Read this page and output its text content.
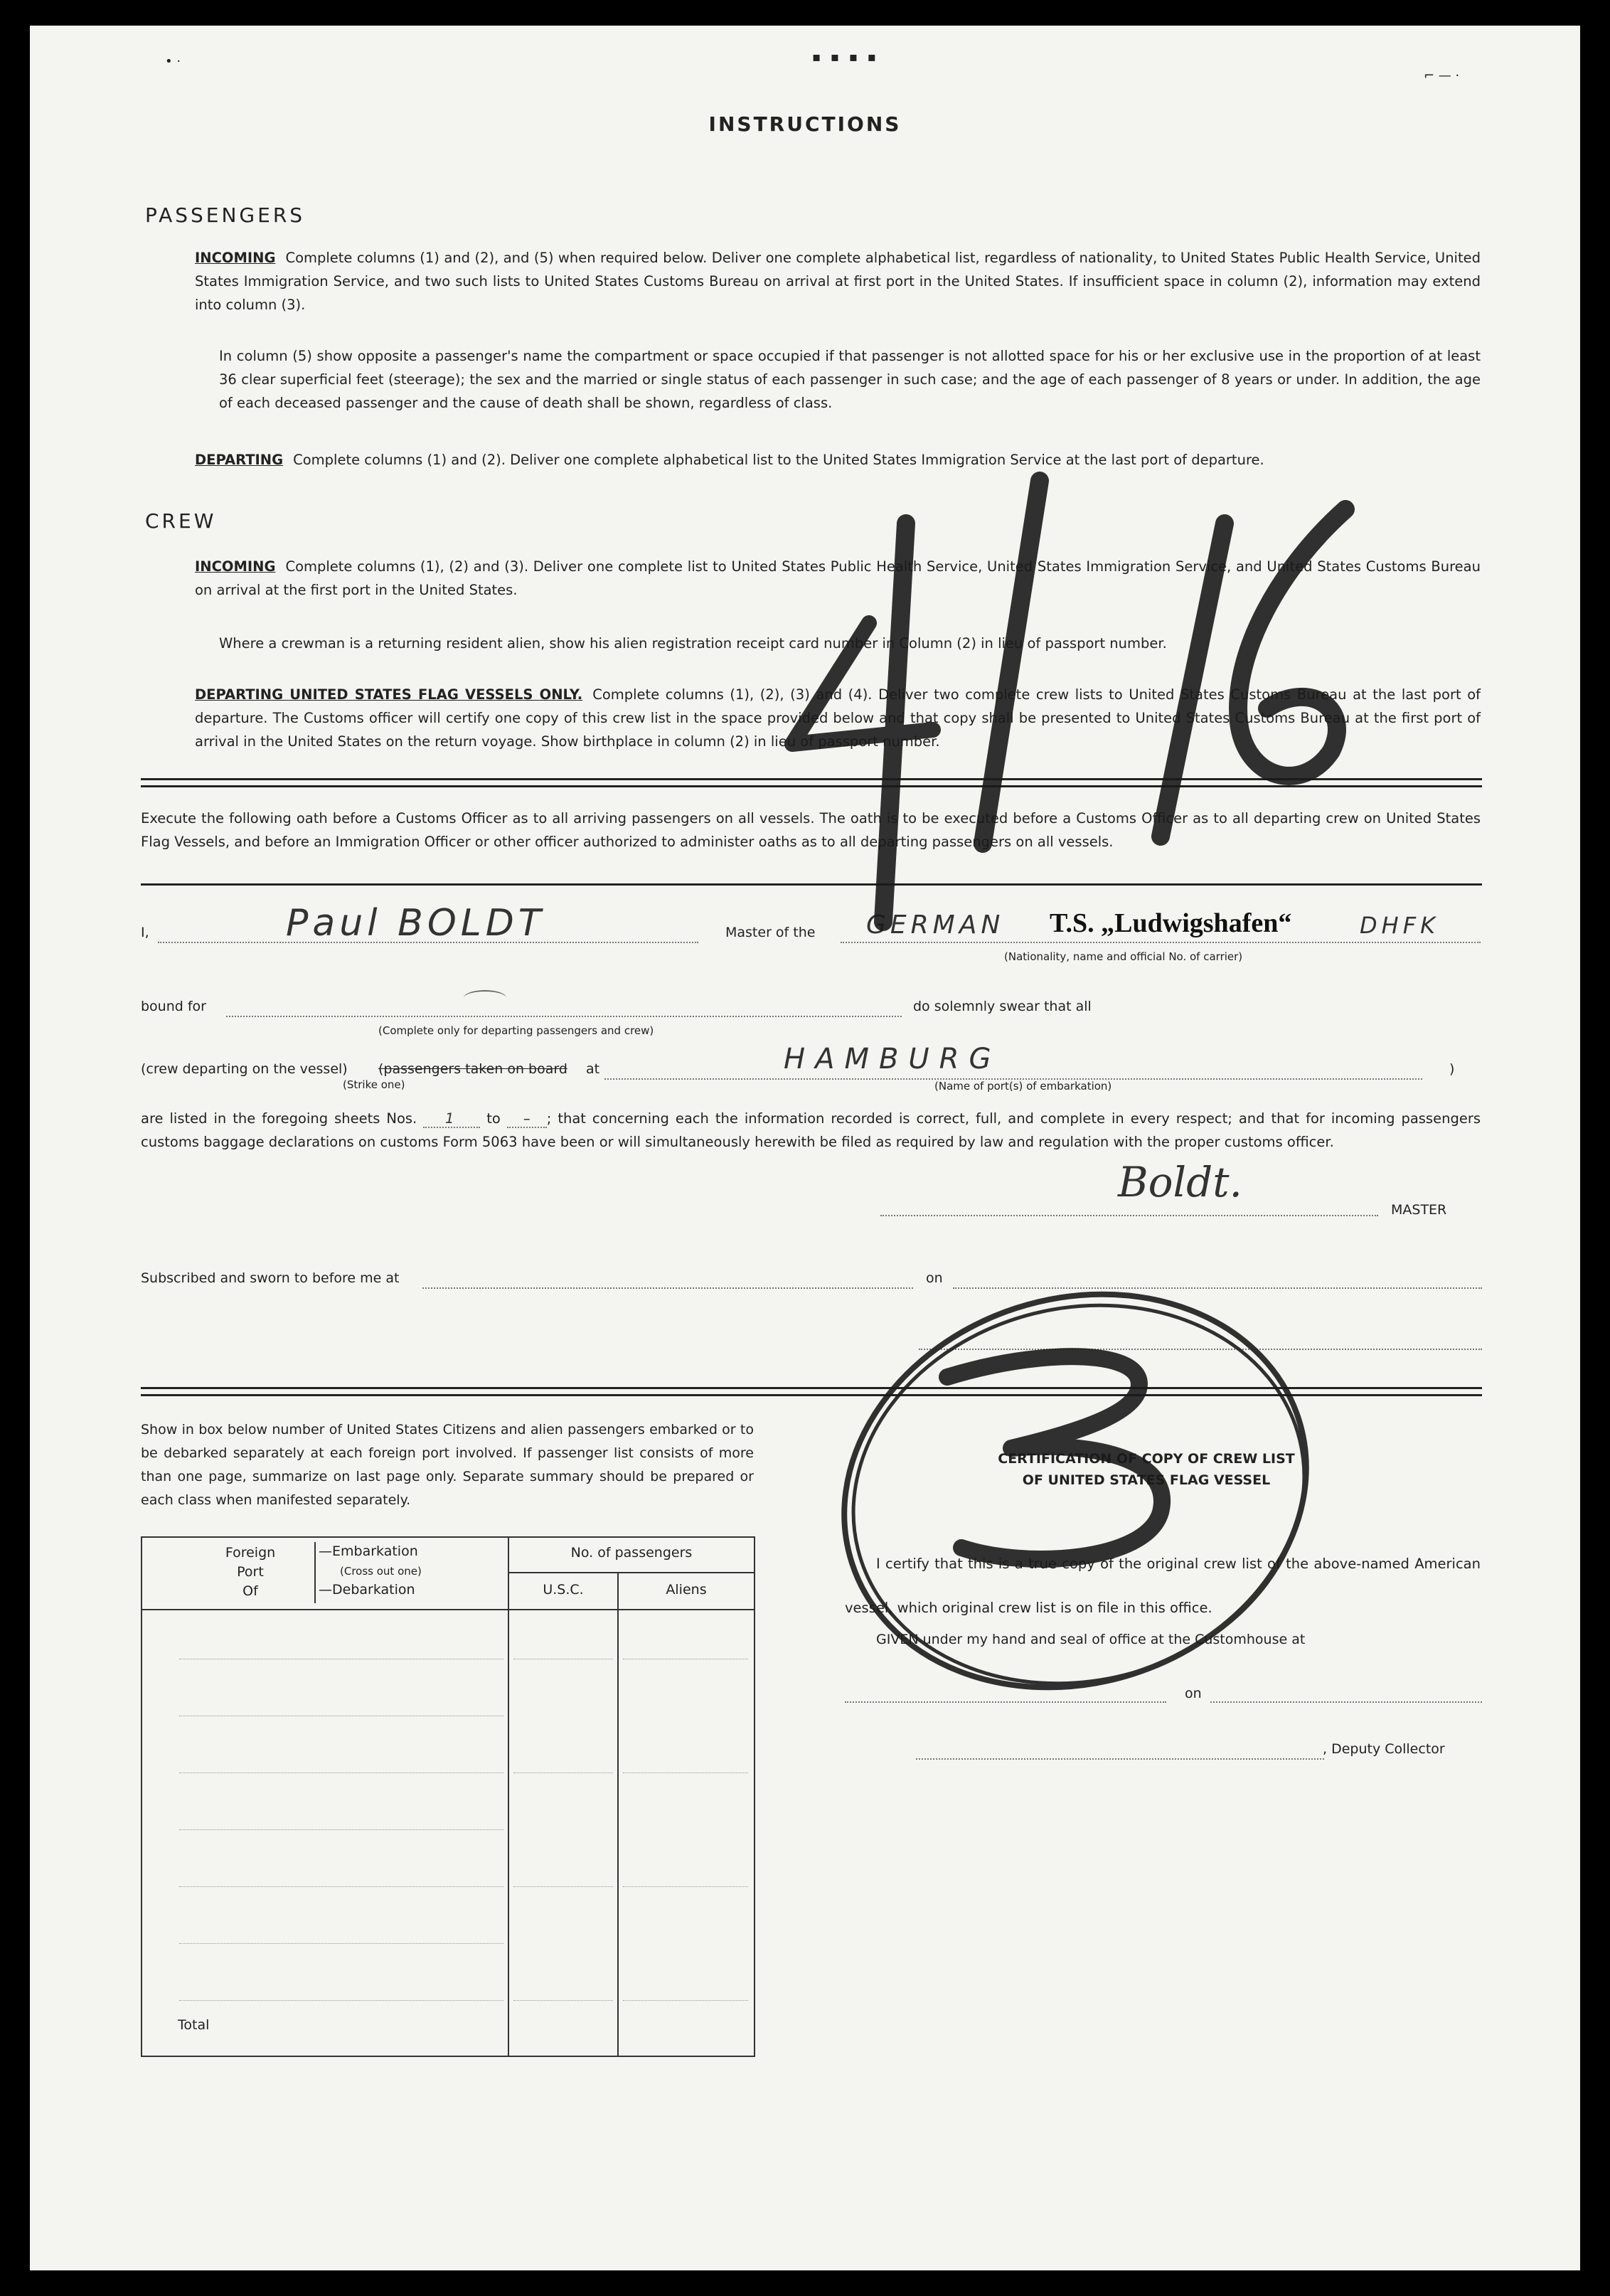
• ·	▪ ▪ ▪ ▪
⌐ — ·
INSTRUCTIONS
PASSENGERS
INCOMING Complete columns (1) and (2), and (5) when required below. Deliver one complete alphabetical list, regardless of nationality, to United States Public Health Service, United States Immigration Service, and two such lists to United States Customs Bureau on arrival at first port in the United States. If insufficient space in column (2), information may extend into column (3).
In column (5) show opposite a passenger's name the compartment or space occupied if that passenger is not allotted space for his or her exclusive use in the proportion of at least 36 clear superficial feet (steerage); the sex and the married or single status of each passenger in such case; and the age of each passenger of 8 years or under. In addition, the age of each deceased passenger and the cause of death shall be shown, regardless of class.
DEPARTING Complete columns (1) and (2). Deliver one complete alphabetical list to the United States Immigration Service at the last port of departure.
CREW
INCOMING Complete columns (1), (2) and (3). Deliver one complete list to United States Public Health Service, United States Immigration Service, and United States Customs Bureau on arrival at the first port in the United States.
Where a crewman is a returning resident alien, show his alien registration receipt card number in Column (2) in lieu of passport number.
DEPARTING UNITED STATES FLAG VESSELS ONLY. Complete columns (1), (2), (3) and (4). Deliver two complete crew lists to United States Customs Bureau at the last port of departure. The Customs officer will certify one copy of this crew list in the space provided below and that copy shall be presented to United States Customs Bureau at the first port of arrival in the United States on the return voyage. Show birthplace in column (2) in lieu of passport number.
Execute the following oath before a Customs Officer as to all arriving passengers on all vessels. The oath is to be executed before a Customs Officer as to all departing crew on United States Flag Vessels, and before an Immigration Officer or other officer authorized to administer oaths as to all departing passengers on all vessels.
I,	Paul BOLDT	Master of the GERMAN T.S. „Ludwigshafen“	DHFK
(Nationality, name and official No. of carrier)
bound for
(Complete only for departing passengers and crew)
do solemnly swear that all
(crew departing on the vessel) (passengers taken on board at
(Strike one)
HAMBURG
(Name of port(s) of embarkation)
)
are listed in the foregoing sheets Nos. 1 to – ; that concerning each the information recorded is correct, full, and complete in every respect; and that for incoming passengers customs baggage declarations on customs Form 5063 have been or will simultaneously herewith be filed as required by law and regulation with the proper customs officer.
Boldt.
MASTER
Subscribed and sworn to before me at	on
Show in box below number of United States Citizens and alien passengers embarked or to be debarked separately at each foreign port involved. If passenger list consists of more than one page, summarize on last page only. Separate summary should be prepared or each class when manifested separately.
Foreign
Port
Of
—Embarkation
(Cross out one)
—Debarkation
No. of passengers
U.S.C.	Aliens
Total
CERTIFICATION OF COPY OF CREW LIST
OF UNITED STATES FLAG VESSEL
I certify that this is a true copy of the original crew list of the above-named American vessel, which original crew list is on file in this office.
GIVEN under my hand and seal of office at the Customhouse at
on
, Deputy Collector
